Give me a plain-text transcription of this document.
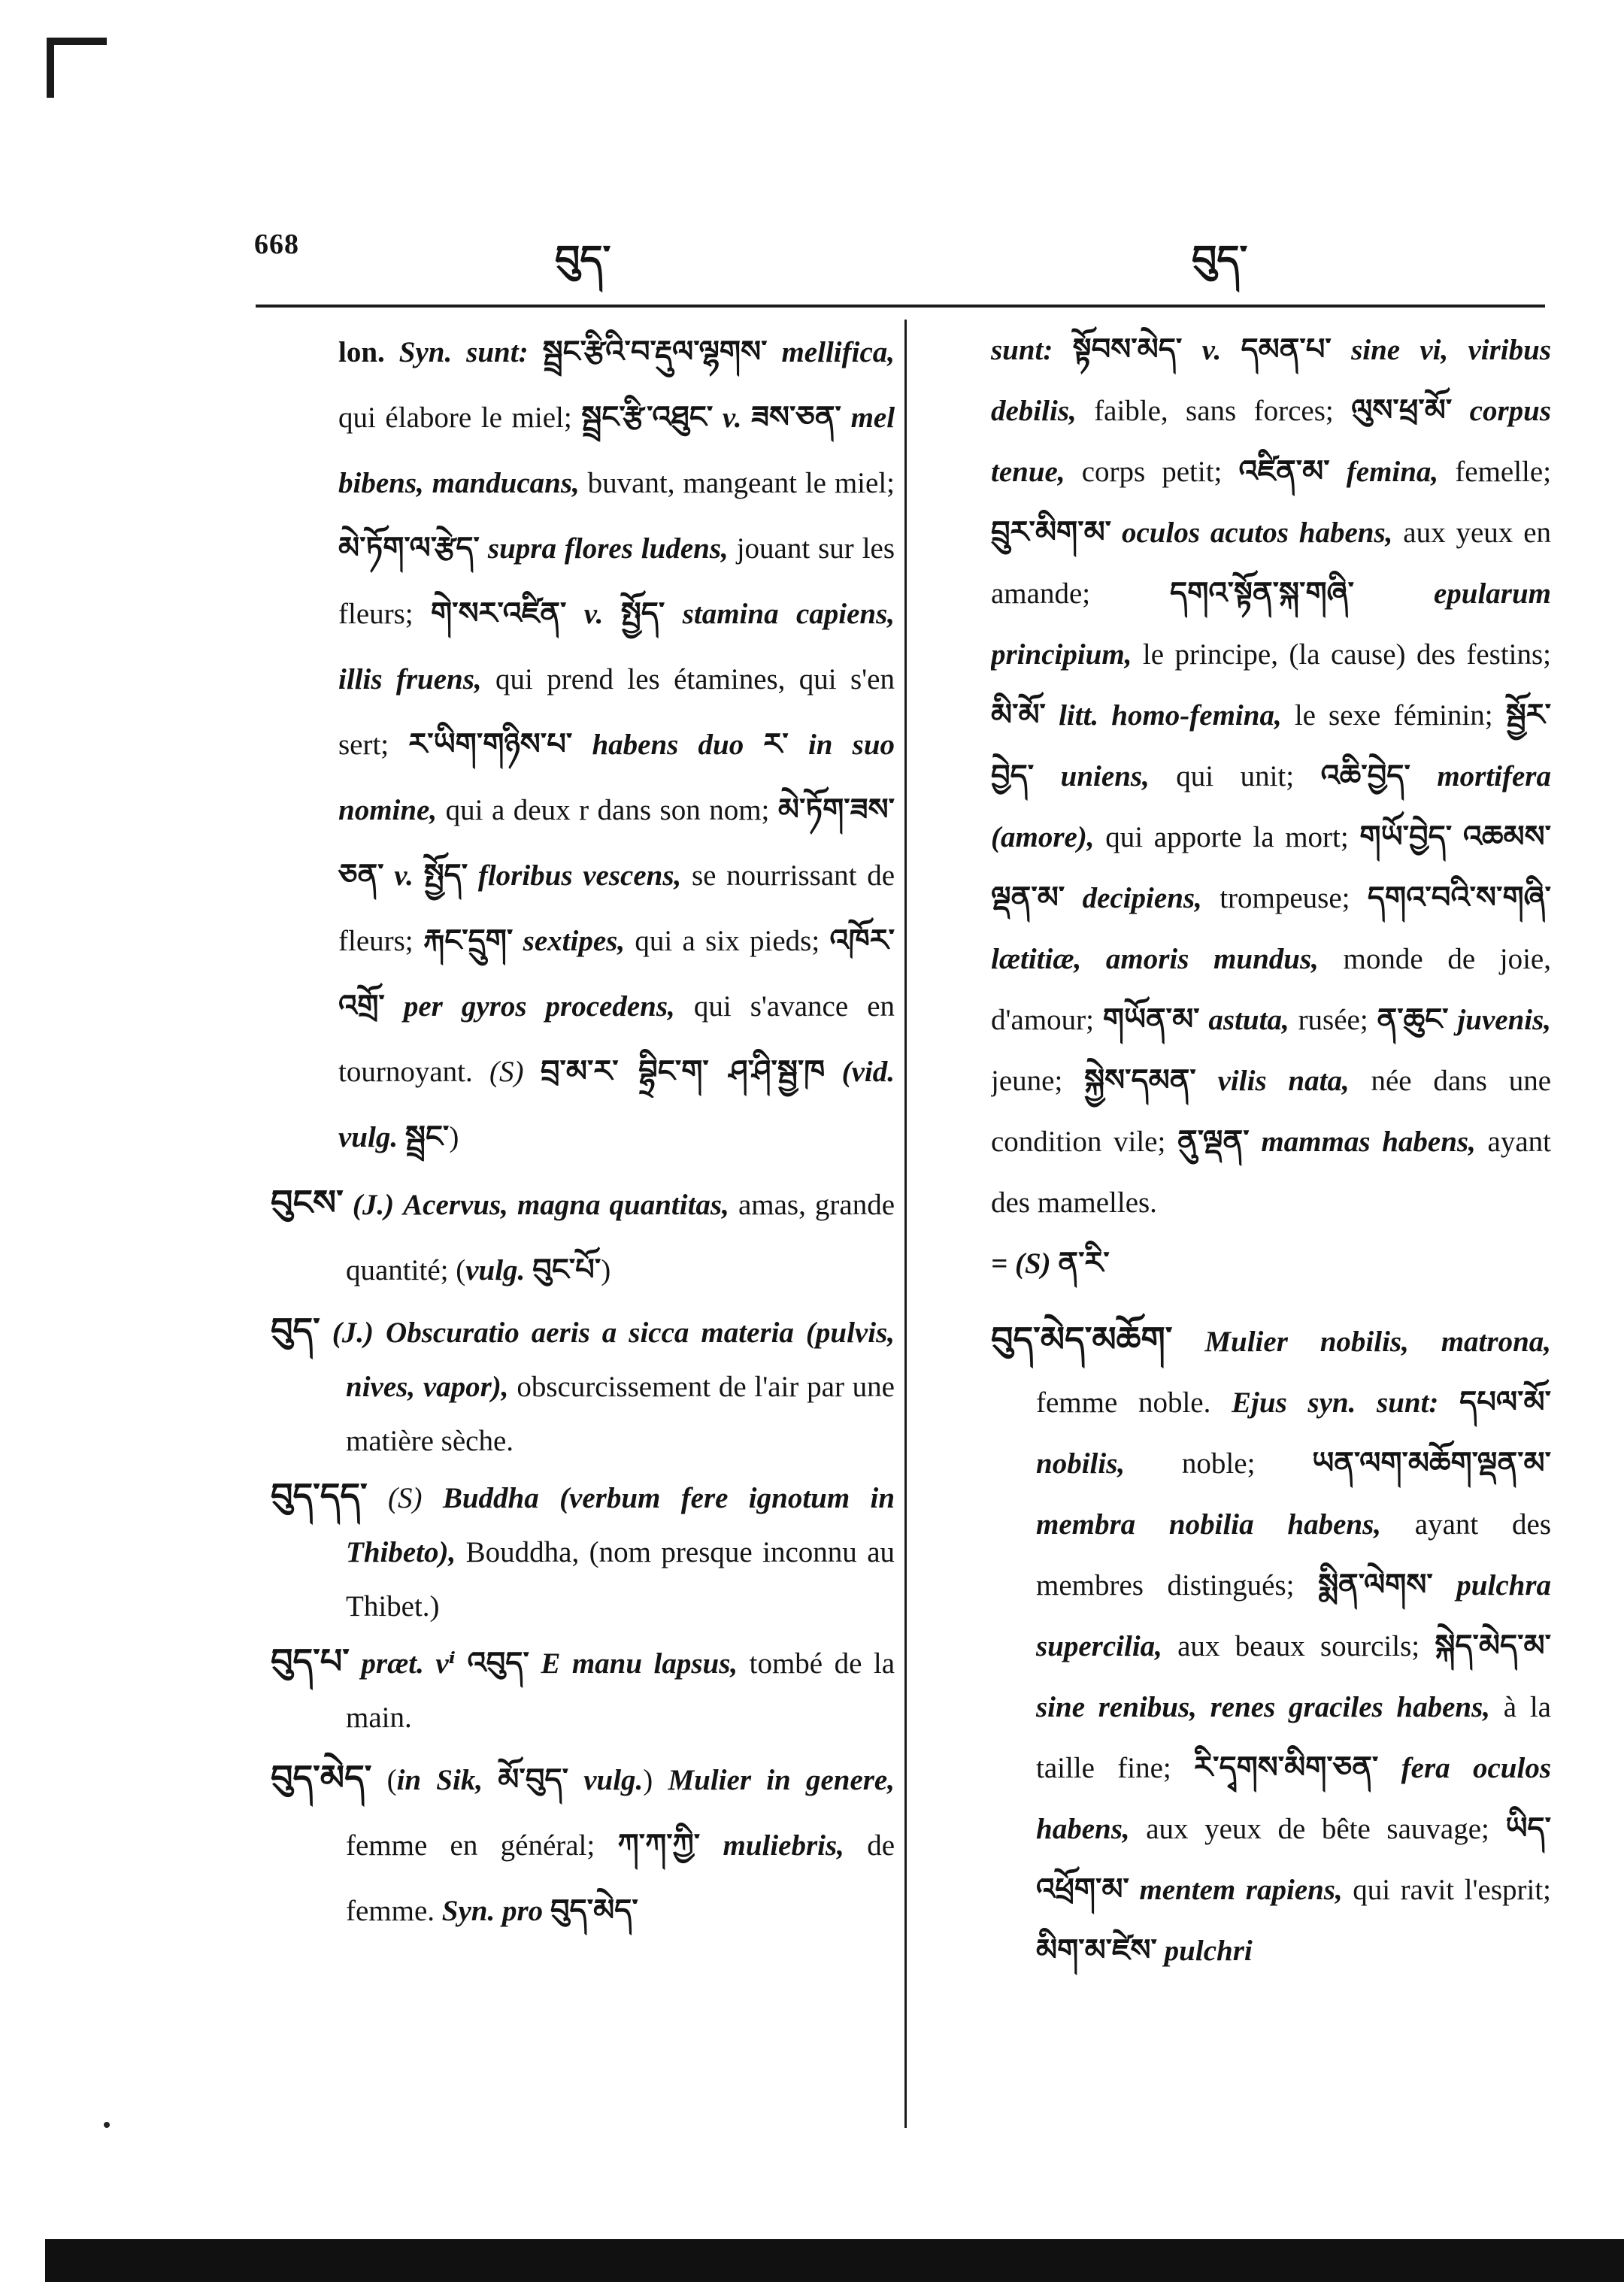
668	བུད་	བུད་

lon. Syn. sunt: སྦྲང་རྩིའི་བ་རྡུལ་ལྷགས་ mellifica, qui élabore le miel; སྦྲང་རྩི་འཐུང་ v. ཟས་ཅན་ mel bibens, manducans, buvant, mangeant le miel; མེ་ཏོག་ལ་རྩེད་ supra flores ludens, jouant sur les fleurs; གེ་སར་འཛིན་ v. སྤྱོད་ stamina capiens, illis fruens, qui prend les étamines, qui s'en sert; ར་ཡིག་གཉིས་པ་ habens duo ར་ in suo nomine, qui a deux r dans son nom; མེ་ཏོག་ཟས་ཅན་ v. སྤྱོད་ floribus vescens, se nourrissant de fleurs; རྐང་དྲུག་ sextipes, qui a six pieds; འཁོར་འགྲོ་ per gyros procedens, qui s'avance en tournoyant. (S) བྲ་མ་ར་ བྷྲིང་ག་ ཤ་ཤི་སྦྱ་ཁ (vid. vulg. སྦྲང་)

བུངས་ (J.) Acervus, magna quantitas, amas, grande quantité; (vulg. བུང་པོ་)

བུད་ (J.) Obscuratio aeris a sicca materia (pulvis, nives, vapor), obscurcissement de l'air par une matière sèche.

བུད་དད་ (S) Buddha (verbum fere ignotum in Thibeto), Bouddha, (nom presque inconnu au Thibet.)

བུད་པ་ præt. vⁱ འབུད་ E manu lapsus, tombé de la main.

བུད་མེད་ (in Sik, མོ་བུད་ vulg.) Mulier in genere, femme en général; ཀ་ཀ་ཀྱི་ muliebris, de femme. Syn. pro བུད་མེད་

sunt: སྟོབས་མེད་ v. དམན་པ་ sine vi, viribus debilis, faible, sans forces; ལུས་ཕྲ་མོ་ corpus tenue, corps petit; འཛིན་མ་ femina, femelle; བྲུར་མིག་མ་ oculos acutos habens, aux yeux en amande;	དགའ་སྟོན་སྐ་གཞི་	epularum principium, le principe, (la cause) des festins; མི་མོ་ litt. homo-femina, le sexe féminin; སྦྱོར་བྱེད་ uniens, qui unit; འཆི་བྱེད་ mortifera (amore), qui apporte la mort; གཡོ་བྱེད་ འཆམས་ལྡན་མ་ decipiens, trompeuse; དགའ་བའི་ས་གཞི་ lætitiæ, amoris mundus, monde de joie, d'amour; གཡོན་མ་ astuta, rusée; ན་ཆུང་ juvenis, jeune; སྐྱེས་དམན་ vilis nata, née dans une condition vile; ནུ་ལྡན་ mammas habens, ayant des mamelles.
= (S) ན་རི་

བུད་མེད་མཆོག་ Mulier nobilis, matrona, femme noble. Ejus syn. sunt: དཔལ་མོ་ nobilis, noble; ཡན་ལག་མཆོག་ལྡན་མ་ membra nobilia habens, ayant des membres distingués; སྨིན་ལེགས་ pulchra supercilia, aux beaux sourcils; སྐེད་མེད་མ་ sine renibus, renes graciles habens, à la taille fine; རི་དྭགས་མིག་ཅན་ fera oculos habens, aux yeux de bête sauvage; ཡིད་འཕྲོག་མ་ mentem rapiens, qui ravit l'esprit; མིག་མ་ཛེས་ pulchri
